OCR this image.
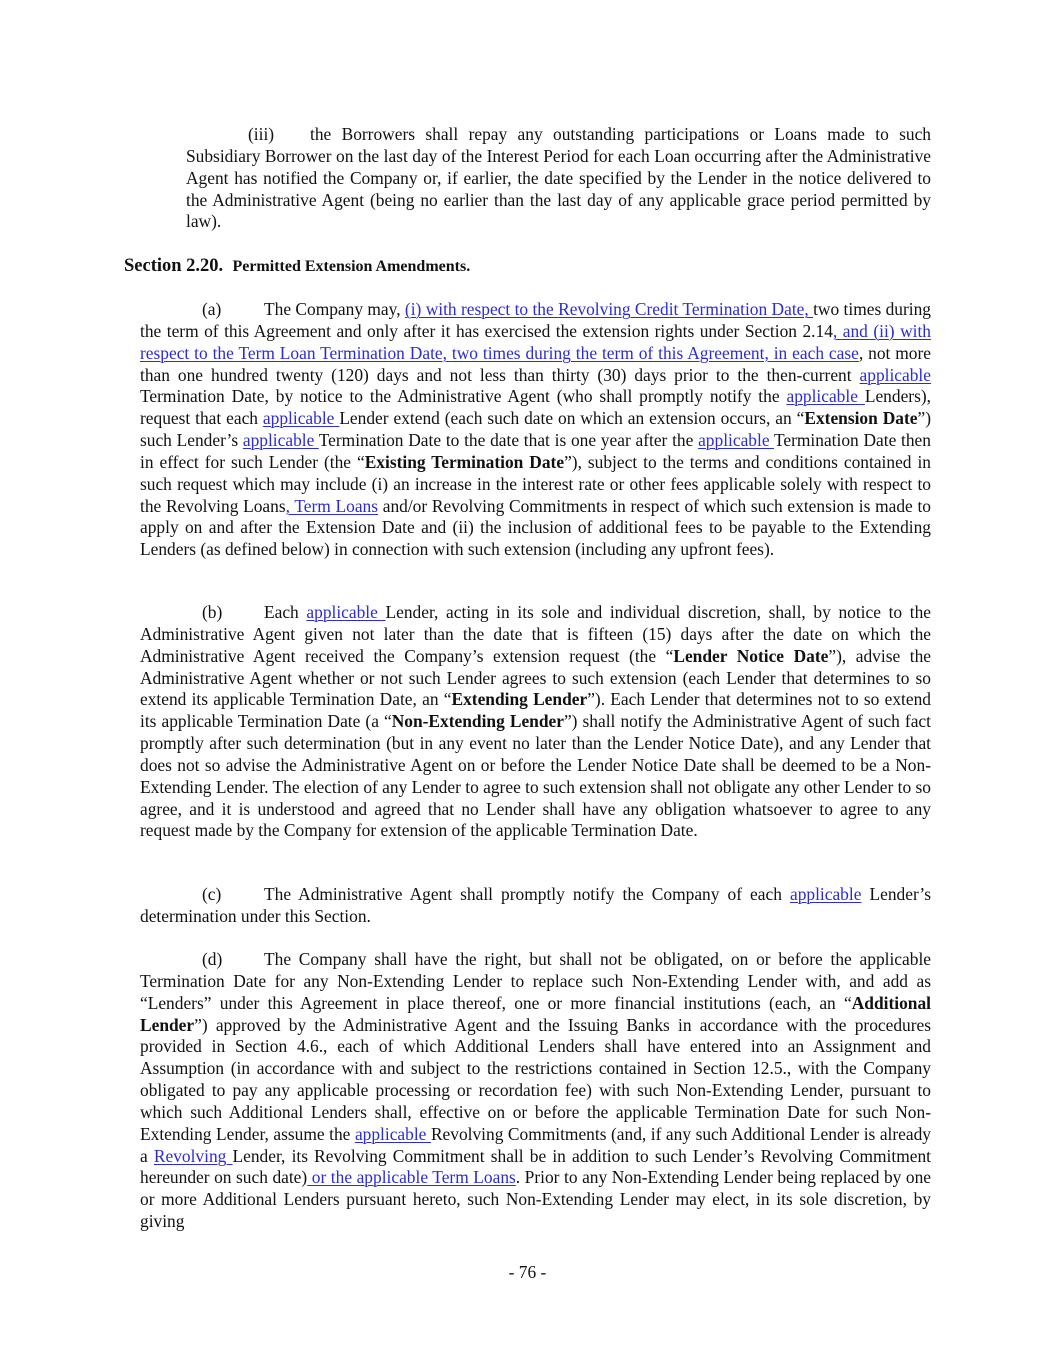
(iii) the Borrowers shall repay any outstanding participations or Loans made to such Subsidiary Borrower on the last day of the Interest Period for each Loan occurring after the Administrative Agent has notified the Company or, if earlier, the date specified by the Lender in the notice delivered to the Administrative Agent (being no earlier than the last day of any applicable grace period permitted by law).
Section 2.20. Permitted Extension Amendments.
(a) The Company may, (i) with respect to the Revolving Credit Termination Date, two times during the term of this Agreement and only after it has exercised the extension rights under Section 2.14, and (ii) with respect to the Term Loan Termination Date, two times during the term of this Agreement, in each case, not more than one hundred twenty (120) days and not less than thirty (30) days prior to the then-current applicable Termination Date, by notice to the Administrative Agent (who shall promptly notify the applicable Lenders), request that each applicable Lender extend (each such date on which an extension occurs, an “Extension Date”) such Lender’s applicable Termination Date to the date that is one year after the applicable Termination Date then in effect for such Lender (the “Existing Termination Date”), subject to the terms and conditions contained in such request which may include (i) an increase in the interest rate or other fees applicable solely with respect to the Revolving Loans, Term Loans and/or Revolving Commitments in respect of which such extension is made to apply on and after the Extension Date and (ii) the inclusion of additional fees to be payable to the Extending Lenders (as defined below) in connection with such extension (including any upfront fees).
(b) Each applicable Lender, acting in its sole and individual discretion, shall, by notice to the Administrative Agent given not later than the date that is fifteen (15) days after the date on which the Administrative Agent received the Company’s extension request (the “Lender Notice Date”), advise the Administrative Agent whether or not such Lender agrees to such extension (each Lender that determines to so extend its applicable Termination Date, an “Extending Lender”). Each Lender that determines not to so extend its applicable Termination Date (a “Non-Extending Lender”) shall notify the Administrative Agent of such fact promptly after such determination (but in any event no later than the Lender Notice Date), and any Lender that does not so advise the Administrative Agent on or before the Lender Notice Date shall be deemed to be a Non-Extending Lender. The election of any Lender to agree to such extension shall not obligate any other Lender to so agree, and it is understood and agreed that no Lender shall have any obligation whatsoever to agree to any request made by the Company for extension of the applicable Termination Date.
(c) The Administrative Agent shall promptly notify the Company of each applicable Lender’s determination under this Section.
(d) The Company shall have the right, but shall not be obligated, on or before the applicable Termination Date for any Non-Extending Lender to replace such Non-Extending Lender with, and add as “Lenders” under this Agreement in place thereof, one or more financial institutions (each, an “Additional Lender”) approved by the Administrative Agent and the Issuing Banks in accordance with the procedures provided in Section 4.6., each of which Additional Lenders shall have entered into an Assignment and Assumption (in accordance with and subject to the restrictions contained in Section 12.5., with the Company obligated to pay any applicable processing or recordation fee) with such Non-Extending Lender, pursuant to which such Additional Lenders shall, effective on or before the applicable Termination Date for such Non-Extending Lender, assume the applicable Revolving Commitments (and, if any such Additional Lender is already a Revolving Lender, its Revolving Commitment shall be in addition to such Lender’s Revolving Commitment hereunder on such date) or the applicable Term Loans. Prior to any Non-Extending Lender being replaced by one or more Additional Lenders pursuant hereto, such Non-Extending Lender may elect, in its sole discretion, by giving
- 76 -
